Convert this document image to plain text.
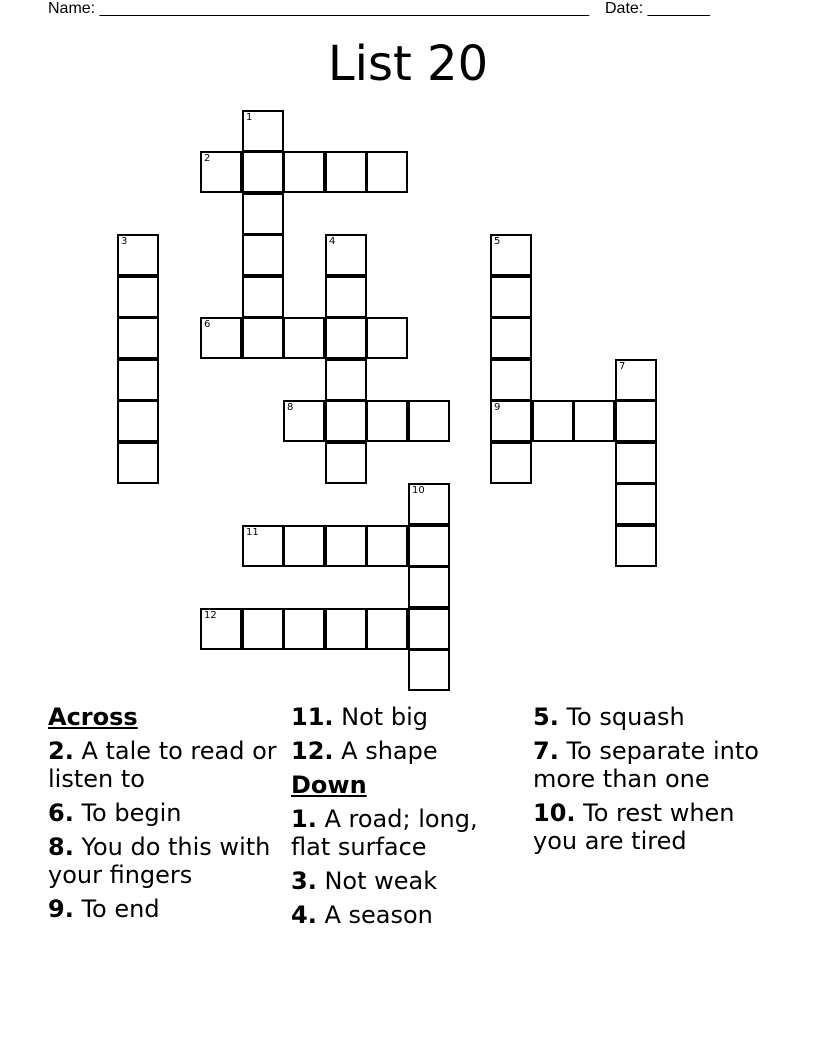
Name: _______________________________________________________ Date: _______
List 20
1
2
3	4	5
6
7
8	9
10
11
12
Across
2. A tale to read or listen to
6. To begin
8. You do this with your fingers
9. To end
11. Not big
12. A shape
Down
1. A road; long, flat surface
3. Not weak
4. A season
5. To squash
7. To separate into more than one
10. To rest when you are tired
